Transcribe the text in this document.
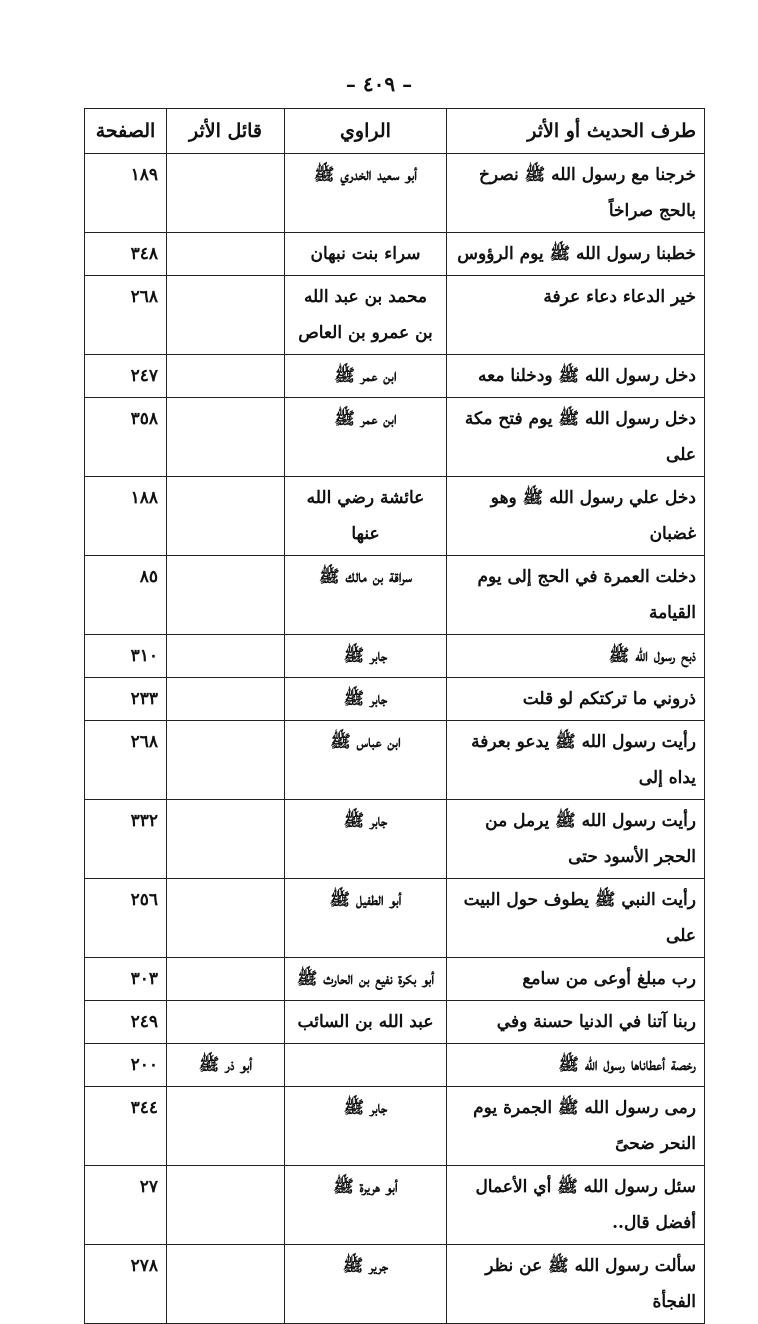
– ٤٠٩ –
طرف الحديث أو الأثر	الراوي	قائل الأثر	الصفحة
خرجنا مع رسول الله ﷺ نصرخ بالحج صراخاً	أبو سعيد الخدري ﷺ		١٨٩
خطبنا رسول الله ﷺ يوم الرؤوس	سراء بنت نبهان		٣٤٨
خير الدعاء دعاء عرفة	محمد بن عبد الله بن عمرو بن العاص		٢٦٨
دخل رسول الله ﷺ ودخلنا معه	ابن عمر ﷺ		٢٤٧
دخل رسول الله ﷺ يوم فتح مكة على	ابن عمر ﷺ		٣٥٨
دخل علي رسول الله ﷺ وهو غضبان	عائشة رضي الله عنها		١٨٨
دخلت العمرة في الحج إلى يوم القيامة	سراقة بن مالك ﷺ		٨٥
ذبح رسول الله ﷺ	جابر ﷺ		٣١٠
ذروني ما تركتكم لو قلت	جابر ﷺ		٢٣٣
رأيت رسول الله ﷺ يدعو بعرفة يداه إلى	ابن عباس ﷺ		٢٦٨
رأيت رسول الله ﷺ يرمل من الحجر الأسود حتى	جابر ﷺ		٣٣٢
رأيت النبي ﷺ يطوف حول البيت على	أبو الطفيل ﷺ		٢٥٦
رب مبلغ أوعى من سامع	أبو بكرة نفيع بن الحارث ﷺ		٣٠٣
ربنا آتنا في الدنيا حسنة وفي	عبد الله بن السائب		٢٤٩
رخصة أعطاناها رسول الله ﷺ		أبو ذر ﷺ	٢٠٠
رمى رسول الله ﷺ الجمرة يوم النحر ضحىً	جابر ﷺ		٣٤٤
سئل رسول الله ﷺ أي الأعمال أفضل قال..	أبو هريرة ﷺ		٢٧
سألت رسول الله ﷺ عن نظر الفجأة	جرير ﷺ		٢٧٨
